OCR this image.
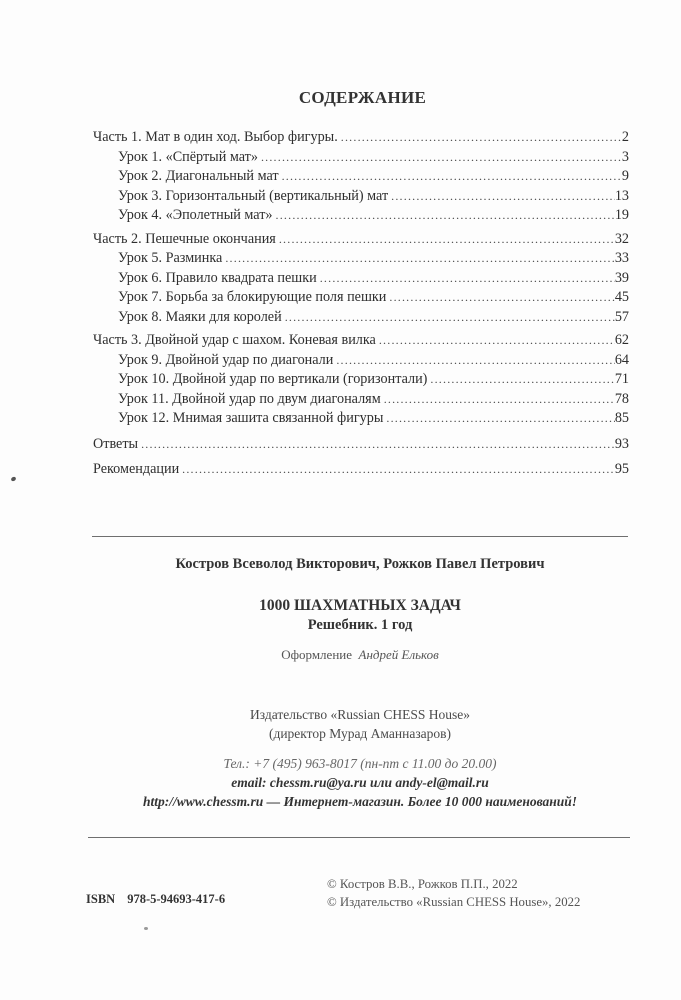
СОДЕРЖАНИЕ
Часть 1. Мат в один ход. Выбор фигуры. .....	2
Урок 1. «Спёртый мат» .....	3
Урок 2. Диагональный мат .....	9
Урок 3. Горизонтальный (вертикальный) мат .....	13
Урок 4. «Эполетный мат» .....	19
Часть 2. Пешечные окончания .....	32
Урок 5. Разминка .....	33
Урок 6. Правило квадрата пешки .....	39
Урок 7. Борьба за блокирующие поля пешки .....	45
Урок 8. Маяки для королей .....	57
Часть 3. Двойной удар с шахом. Коневая вилка .....	62
Урок 9. Двойной удар по диагонали .....	64
Урок 10. Двойной удар по вертикали (горизонтали) .....	71
Урок 11. Двойной удар по двум диагоналям .....	78
Урок 12. Мнимая зашита связанной фигуры .....	85
Ответы .....	93
Рекомендации .....	95
Костров Всеволод Викторович, Рожков Павел Петрович
1000 ШАХМАТНЫХ ЗАДАЧ
Решебник. 1 год
Оформление Андрей Ельков
Издательство «Russian CHESS House»
(директор Мурад Аманназаров)
Тел.: +7 (495) 963-8017 (пн-пт с 11.00 до 20.00)
email: chessm.ru@ya.ru или andy-el@mail.ru
http://www.chessm.ru — Интернет-магазин. Более 10 000 наименований!
ISBN 978-5-94693-417-6
© Костров В.В., Рожков П.П., 2022
© Издательство «Russian CHESS House», 2022
